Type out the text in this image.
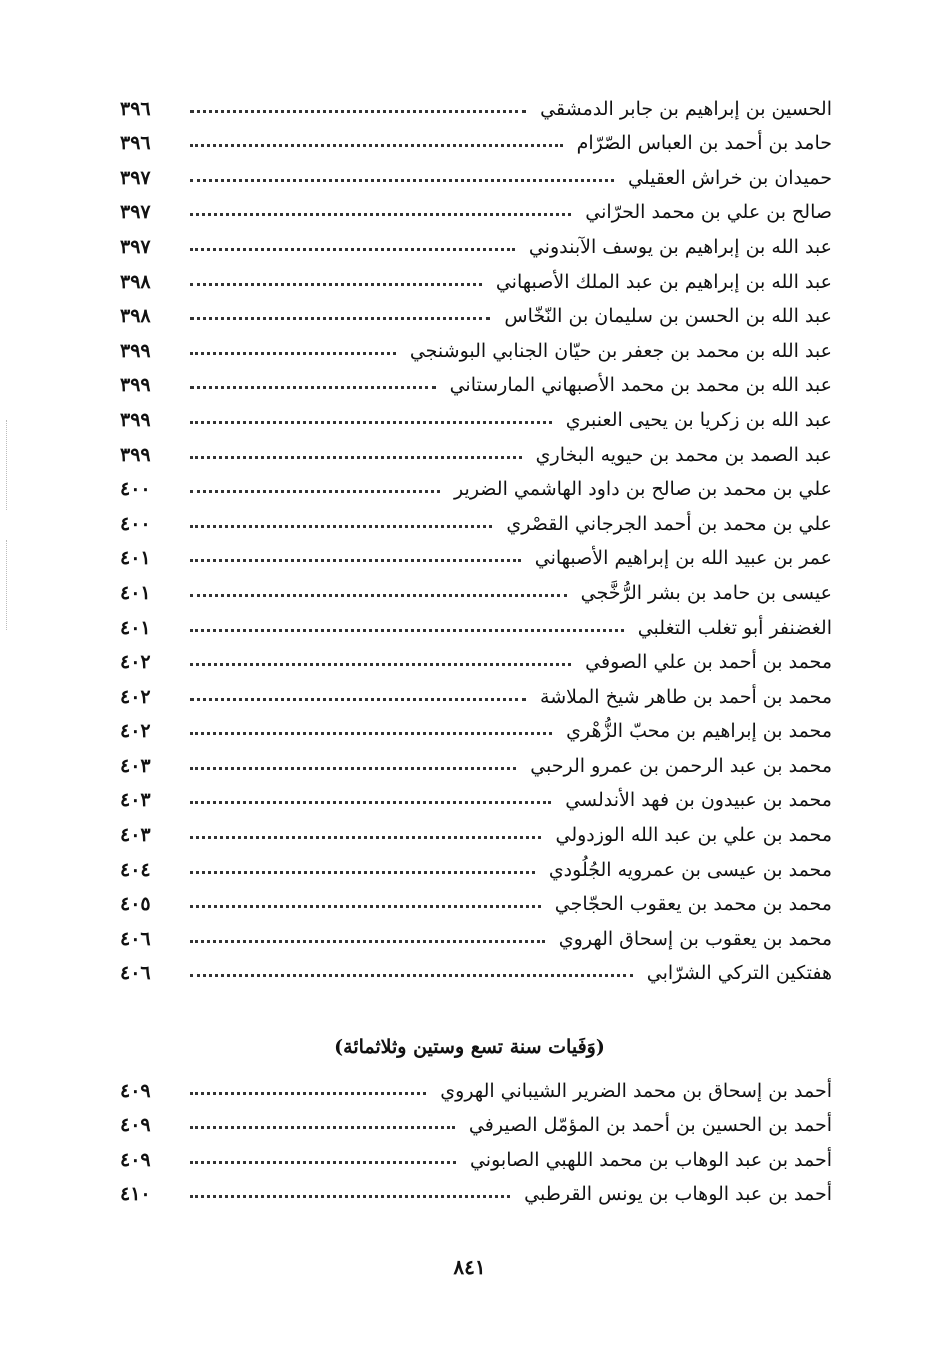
الحسين بن إبراهيم بن جابر الدمشقي
٣٩٦
حامد بن أحمد بن العباس الصّرّام
٣٩٦
حميدان بن خراش العقيلي
٣٩٧
صالح بن علي بن محمد الحرّاني
٣٩٧
عبد الله بن إبراهيم بن يوسف الآبندوني
٣٩٧
عبد الله بن إبراهيم بن عبد الملك الأصبهاني
٣٩٨
عبد الله بن الحسن بن سليمان بن النّخّاس
٣٩٨
عبد الله بن محمد بن جعفر بن حيّان الجنابي البوشنجي
٣٩٩
عبد الله بن محمد بن محمد الأصبهاني المارستاني
٣٩٩
عبد الله بن زكريا بن يحيى العنبري
٣٩٩
عبد الصمد بن محمد بن حيويه البخاري
٣٩٩
علي بن محمد بن صالح بن داود الهاشمي الضرير
٤٠٠
علي بن محمد بن أحمد الجرجاني القصْري
٤٠٠
عمر بن عبيد الله بن إبراهيم الأصبهاني
٤٠١
عيسى بن حامد بن بشر الرُّخَّجي
٤٠١
الغضنفر أبو تغلب التغلبي
٤٠١
محمد بن أحمد بن علي الصوفي
٤٠٢
محمد بن أحمد بن طاهر شيخ الملاشة
٤٠٢
محمد بن إبراهيم بن محبّ الزُّهْري
٤٠٢
محمد بن عبد الرحمن بن عمرو الرحبي
٤٠٣
محمد بن عبيدون بن فهد الأندلسي
٤٠٣
محمد بن علي بن عبد الله الوزدولي
٤٠٣
محمد بن عيسى بن عمرويه الجُلُودي
٤٠٤
محمد بن محمد بن يعقوب الحجّاجي
٤٠٥
محمد بن يعقوب بن إسحاق الهروي
٤٠٦
هفتكين التركي الشرّابي
٤٠٦
(وَفَيات سنة تسع وستين وثلاثمائة)
أحمد بن إسحاق بن محمد الضرير الشيباني الهروي
٤٠٩
أحمد بن الحسين بن أحمد بن المؤمّل الصيرفي
٤٠٩
أحمد بن عبد الوهاب بن محمد اللهبي الصابوني
٤٠٩
أحمد بن عبد الوهاب بن يونس القرطبي
٤١٠
٨٤١
